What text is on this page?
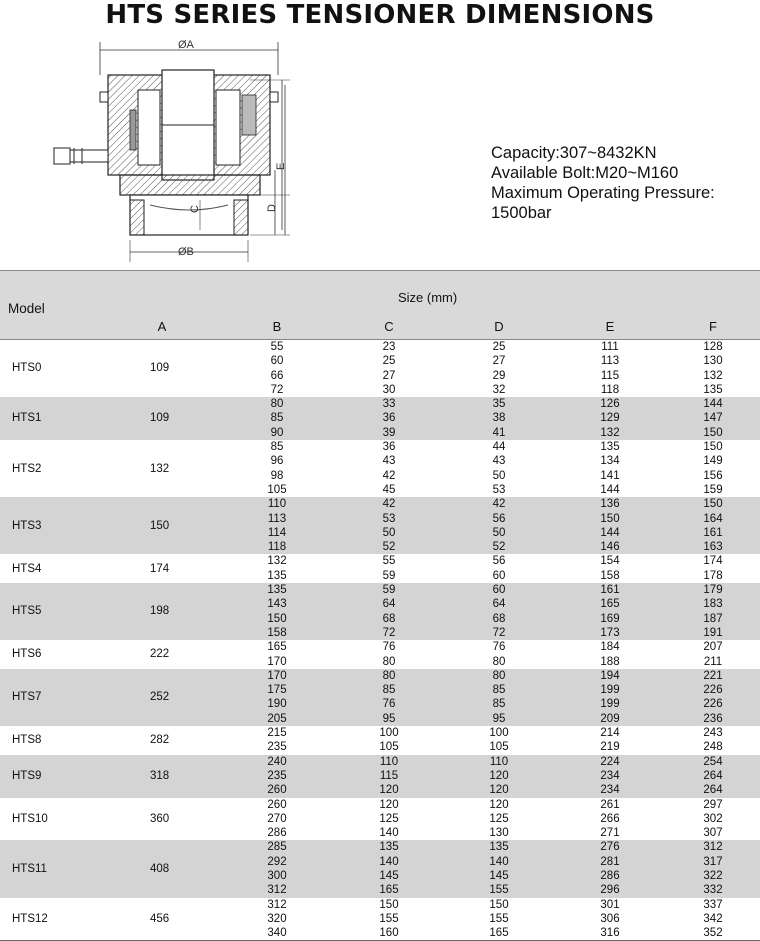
HTS SERIES TENSIONER DIMENSIONS
ØA
D
E
C
ØB
Capacity:307~8432KN
Available Bolt:M20~M160
Maximum Operating Pressure:
1500bar
Model
Size (mm)
A	B	C	D	E	F
HTS0	109
55	23	25	111	128
60	25	27	113	130
66	27	29	115	132
72	30	32	118	135
HTS1	109
80	33	35	126	144
85	36	38	129	147
90	39	41	132	150
HTS2	132
85	36	44	135	150
96	43	43	134	149
98	42	50	141	156
105	45	53	144	159
HTS3	150
110	42	42	136	150
113	53	56	150	164
114	50	50	144	161
118	52	52	146	163
HTS4	174
132	55	56	154	174
135	59	60	158	178
HTS5	198
135	59	60	161	179
143	64	64	165	183
150	68	68	169	187
158	72	72	173	191
HTS6	222
165	76	76	184	207
170	80	80	188	211
HTS7	252
170	80	80	194	221
175	85	85	199	226
190	76	85	199	226
205	95	95	209	236
HTS8	282
215	100	100	214	243
235	105	105	219	248
HTS9	318
240	110	110	224	254
235	115	120	234	264
260	120	120	234	264
HTS10	360
260	120	120	261	297
270	125	125	266	302
286	140	130	271	307
HTS11	408
285	135	135	276	312
292	140	140	281	317
300	145	145	286	322
312	165	155	296	332
HTS12	456
312	150	150	301	337
320	155	155	306	342
340	160	165	316	352
